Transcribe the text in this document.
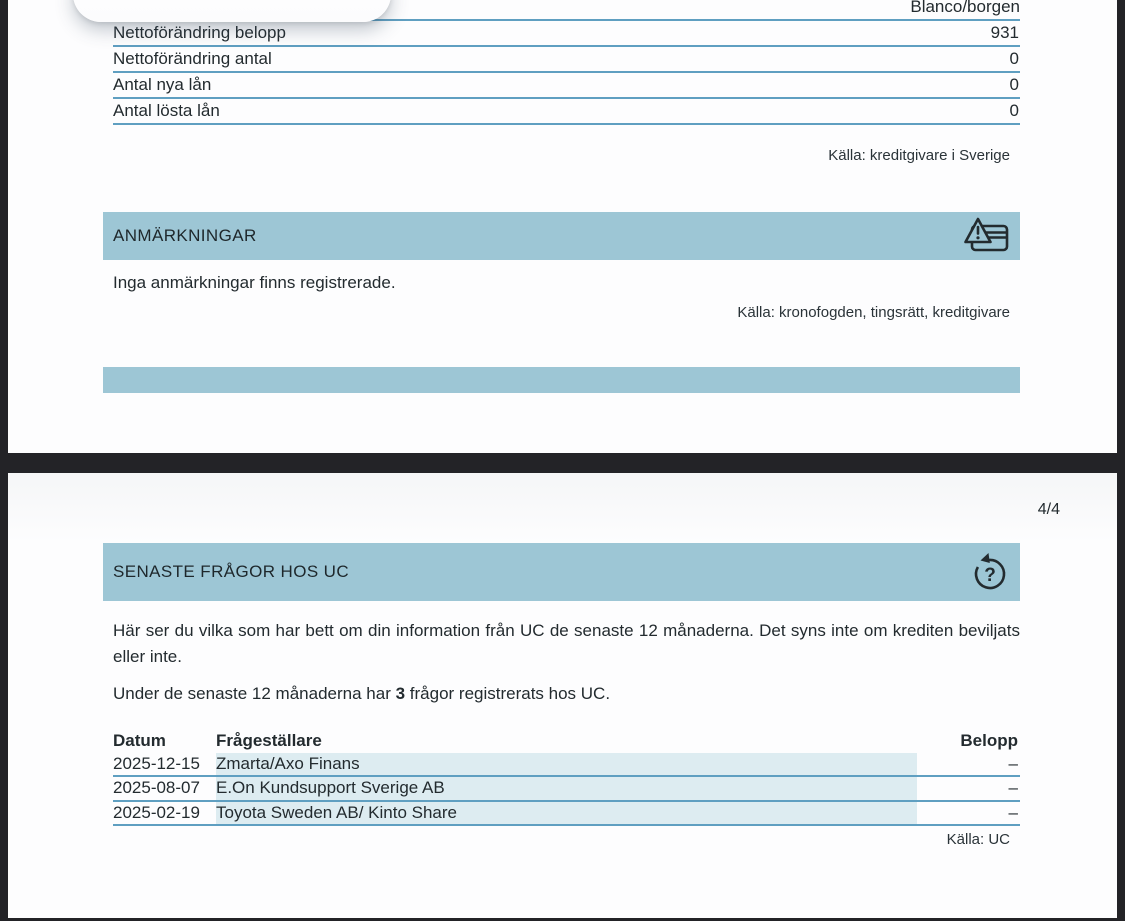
Blanco/borgen
Nettoförändring belopp	931
Nettoförändring antal	0
Antal nya lån	0
Antal lösta lån	0
Källa: kreditgivare i Sverige
ANMÄRKNINGAR
Inga anmärkningar finns registrerade.
Källa: kronofogden, tingsrätt, kreditgivare
4/4
SENASTE FRÅGOR HOS UC	?
Här ser du vilka som har bett om din information från UC de senaste 12 månaderna. Det syns inte om krediten beviljats eller inte.
Under de senaste 12 månaderna har 3 frågor registrerats hos UC.
Datum	Frågeställare	Belopp
2025-12-15 Zmarta/Axo Finans	–
2025-08-07 E.On Kundsupport Sverige AB	–
2025-02-19 Toyota Sweden AB/ Kinto Share	–
Källa: UC
